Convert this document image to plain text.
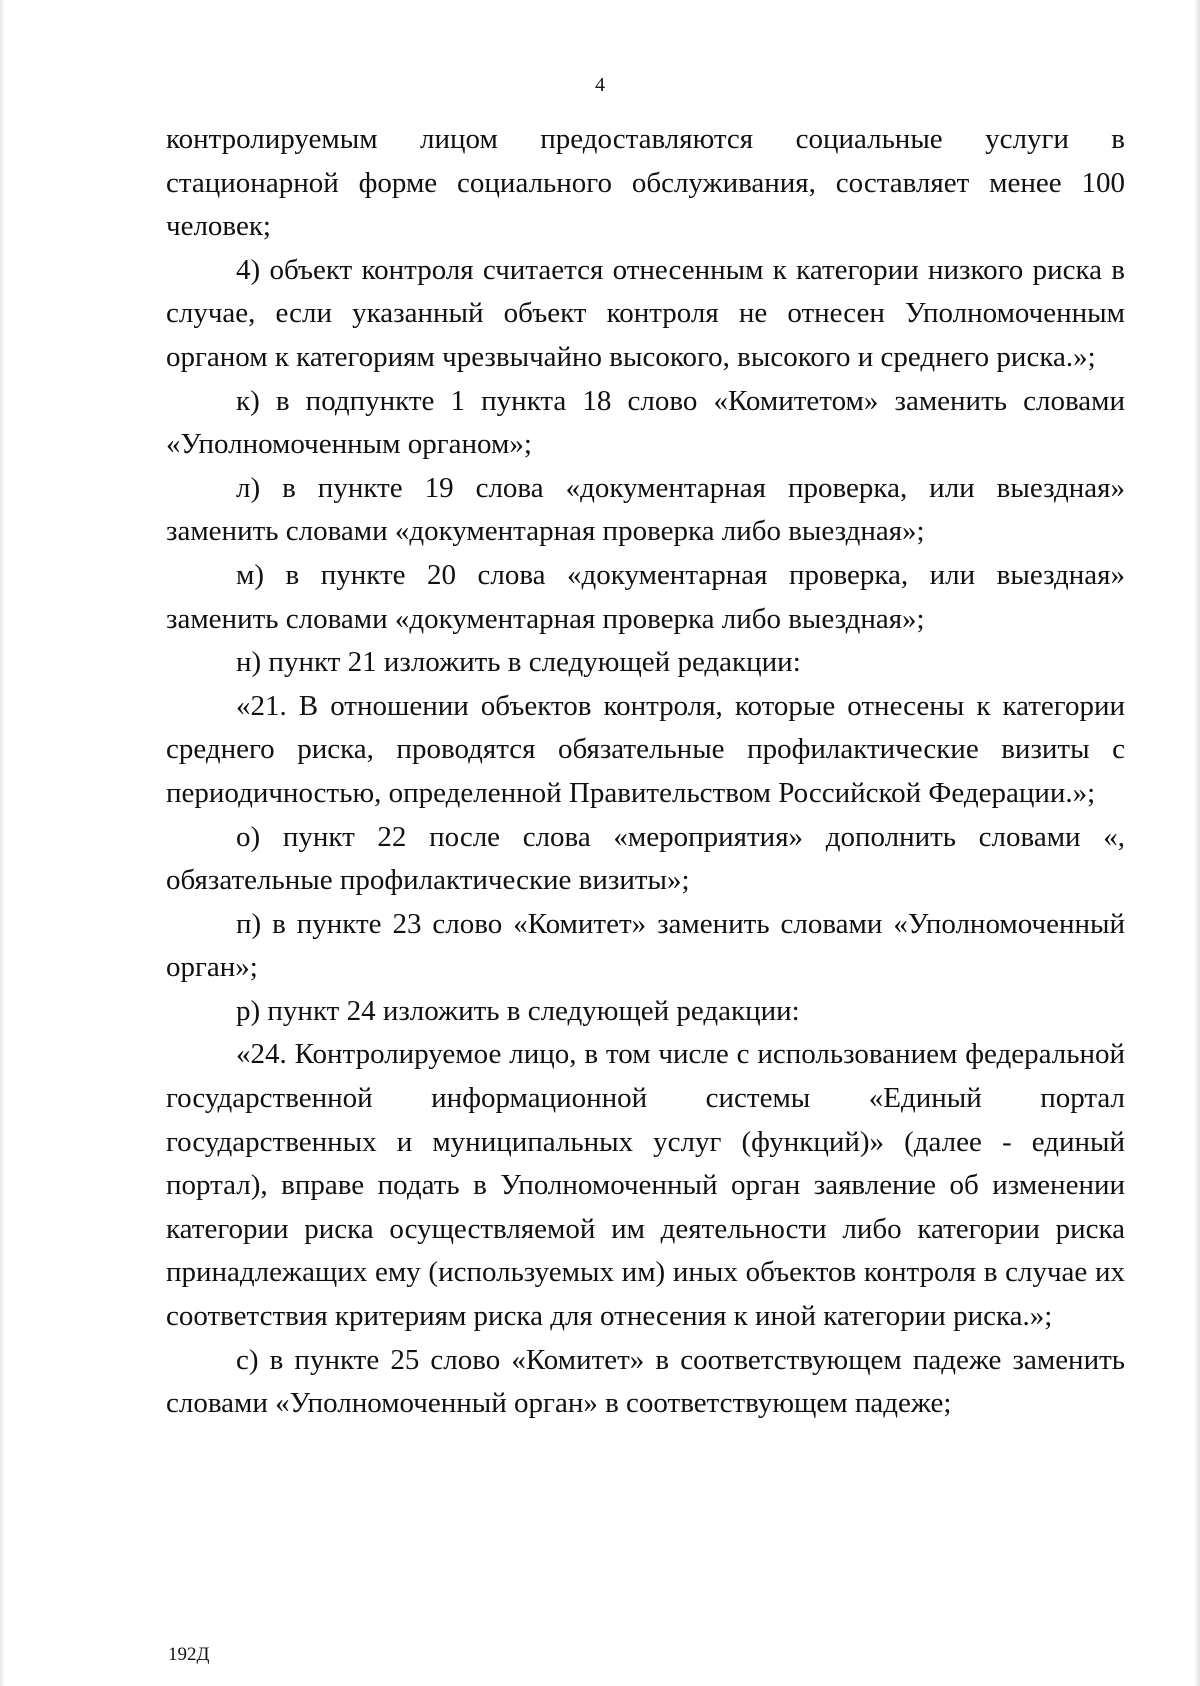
4

контролируемым лицом предоставляются социальные услуги в стационарной форме социального обслуживания, составляет менее 100 человек;

4) объект контроля считается отнесенным к категории низкого риска в случае, если указанный объект контроля не отнесен Уполномоченным органом к категориям чрезвычайно высокого, высокого и среднего риска.»;

к) в подпункте 1 пункта 18 слово «Комитетом» заменить словами «Уполномоченным органом»;

л) в пункте 19 слова «документарная проверка, или выездная» заменить словами «документарная проверка либо выездная»;

м) в пункте 20 слова «документарная проверка, или выездная» заменить словами «документарная проверка либо выездная»;

н) пункт 21 изложить в следующей редакции:

«21. В отношении объектов контроля, которые отнесены к категории среднего риска, проводятся обязательные профилактические визиты с периодичностью, определенной Правительством Российской Федерации.»;

о) пункт 22 после слова «мероприятия» дополнить словами «, обязательные профилактические визиты»;

п) в пункте 23 слово «Комитет» заменить словами «Уполномоченный орган»;

р) пункт 24 изложить в следующей редакции:

«24. Контролируемое лицо, в том числе с использованием федеральной государственной информационной системы «Единый портал государственных и муниципальных услуг (функций)» (далее - единый портал), вправе подать в Уполномоченный орган заявление об изменении категории риска осуществляемой им деятельности либо категории риска принадлежащих ему (используемых им) иных объектов контроля в случае их соответствия критериям риска для отнесения к иной категории риска.»;

с) в пункте 25 слово «Комитет» в соответствующем падеже заменить словами «Уполномоченный орган» в соответствующем падеже;

192Д
